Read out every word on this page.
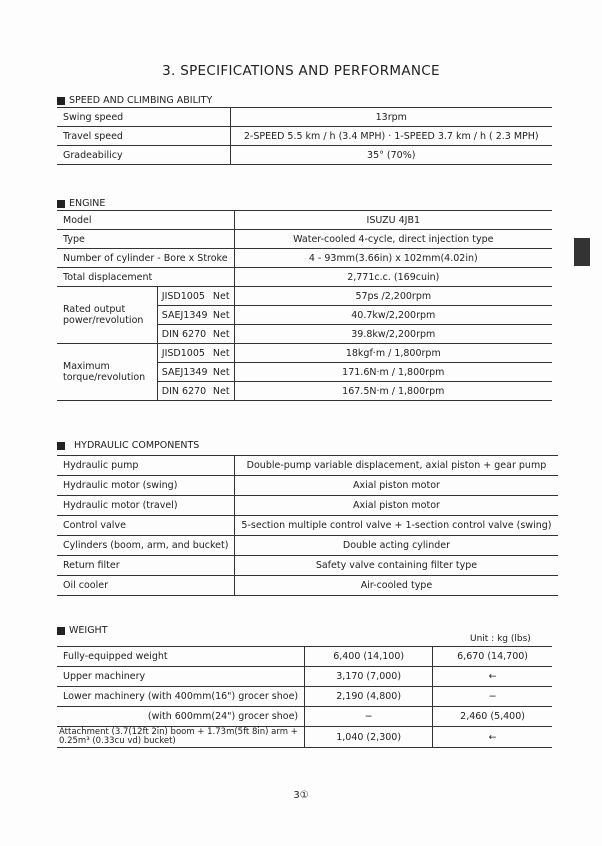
3. SPECIFICATIONS AND PERFORMANCE
SPEED AND CLIMBING ABILITY
Swing speed	13rpm
Travel speed	2-SPEED 5.5 km / h (3.4 MPH) · 1-SPEED 3.7 km / h ( 2.3 MPH)
Gradeabilicy	35° (70%)
ENGINE
Model		ISUZU 4JB1
Type		Water-cooled 4-cycle, direct injection type
Number of cylinder - Bore x Stroke		4 - 93mm(3.66in) x 102mm(4.02in)
Total displacement		2,771c.c. (169cuin)
Rated output power/revolution	JISD1005 Net	57ps /2,200rpm
	SAEJ1349 Net	40.7kw/2,200rpm
	DIN 6270 Net	39.8kw/2,200rpm
Maximum torque/revolution	JISD1005 Net	18kgf·m / 1,800rpm
	SAEJ1349 Net	171.6N·m / 1,800rpm
	DIN 6270 Net	167.5N·m / 1,800rpm

HYDRAULIC COMPONENTS
Hydraulic pump	Double-pump variable displacement, axial piston + gear pump
Hydraulic motor (swing)	Axial piston motor
Hydraulic motor (travel)	Axial piston motor
Control valve	5-section multiple control valve + 1-section control valve (swing)
Cylinders (boom, arm, and bucket)	Double acting cylinder
Return filter	Safety valve containing filter type
Oil cooler	Air-cooled type
WEIGHT
Unit : kg (lbs)
Fully-equipped weight	6,400 (14,100)	6,670 (14,700)
Upper machinery	3,170 (7,000)	←
Lower machinery (with 400mm(16") grocer shoe)	2,190 (4,800)	−
(with 600mm(24") grocer shoe)	−	2,460 (5,400)
Attachment (3.7(12ft 2in) boom + 1.73m(5ft 8in) arm + 0.25m³ (0.33cu vd) bucket)	1,040 (2,300)	←
3①
